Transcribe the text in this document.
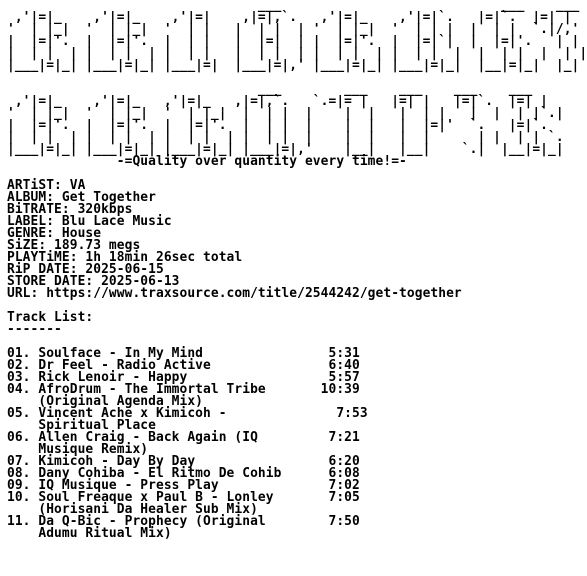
___                            ___    ___
,'|=|_    ,'|=|_    ,'|=|    ,|=|,`.   ,'|=|_    ,'|=|`.   |=|`.  |=| |
'  | |_|  '  | |_|  '  | |   |  | |  | '  | |_|  '  | | |  |  | |  `.|/,'
|  |=|'.  |  |=|'.  |  | |   |  |=|  | |  |=|'.  |  |=|`|  |  |=|'.   | |
|  | |  | |  | |  | |  | |   |  | |  | |  | |  | |  | |  |  |  | |  |  | |
|___|=|_| |___|=|_| |___|=|  |___|=|,' |___|=|_| |___|=|_|  |__|=|_|  |_|
___        ___    ___    ___    ___
,'|=|_    ,'|=|_   ,'|=|_   ,|=|,`.   `.=|= |   |=| |   |=|`.  |=| |
'  | |_|  '  | |_|  '  | |_|  |  | |  |    |  |   |  | |   |  |  | |`.|
|  |=|'.  |  |=|'.  |  |=|'.  |  | |  |    |  |   |  |=|'  `.   |=|`.
|  | |  | |  | |  | |  | |  | |  | |  |    |  |   |  |      | |  | | `.
|___|=|_| |___|=|_| |___|=|_| |___|=|,'    |__|   |__|    `.|  |__|=|_|
-=Quality over quantity every time!=-
ARTiST: VA
ALBUM: Get Together
BiTRATE: 320kbps
LABEL: Blu Lace Music
GENRE: House
SiZE: 189.73 megs
PLAYTiME: 1h 18min 26sec total
RiP DATE: 2025-06-15
STORE DATE: 2025-06-13
URL: https://www.traxsource.com/title/2544242/get-together
Track List:
-------
01. Soulface - In My Mind                5:31
02. Dr Feel - Radio Active               6:40
03. Rick Lenoir - Happy                  5:57
04. AfroDrum - The Immortal Tribe       10:39
(Original Agenda Mix)
05. Vincent Ache x Kimicoh -              7:53
Spiritual Place
06. Allen Craig - Back Again (IQ         7:21
Musique Remix)
07. Kimicoh - Day By Day                 6:20
08. Dany Cohiba - El Ritmo De Cohib      6:08
09. IQ Musique - Press Play              7:02
10. Soul Freaque x Paul B - Lonley       7:05
(Horisani Da Healer Sub Mix)
11. Da Q-Bic - Prophecy (Original        7:50
Adumu Ritual Mix)
